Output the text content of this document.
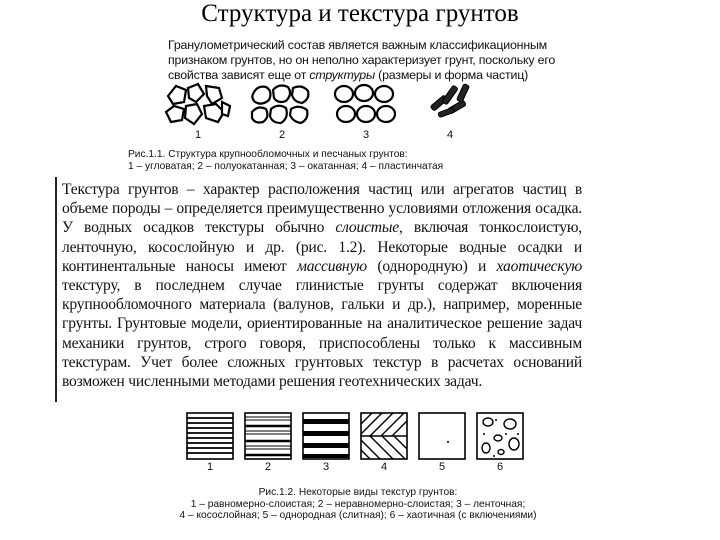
Структура и текстура грунтов

Гранулометрический состав является важным классификационным признаком грунтов, но он неполно характеризует грунт, поскольку его свойства зависят еще от структуры (размеры и форма частиц)

1	2	3	4

Рис.1.1. Структура крупнообломочных и песчаных грунтов:
1 – угловатая; 2 – полуокатанная; 3 – окатанная; 4 – пластинчатая

Текстура грунтов – характер расположения частиц или агрегатов частиц в объеме породы – определяется преимущественно условиями отложения осадка. У водных осадков текстуры обычно слоистые, включая тонкослоистую, ленточную, косослойную и др. (рис. 1.2). Некоторые водные осадки и континентальные наносы имеют массивную (однородную) и хаотическую текстуру, в последнем случае глинистые грунты содержат включения крупнообломочного материала (валунов, гальки и др.), например, моренные грунты. Грунтовые модели, ориентированные на аналитическое решение задач механики грунтов, строго говоря, приспособлены только к массивным текстурам. Учет более сложных грунтовых текстур в расчетах оснований возможен численными методами решения геотехнических задач.

1	2	3	4	5	6

Рис.1.2. Некоторые виды текстур грунтов:
1 – равномерно-слоистая; 2 – неравномерно-слоистая; 3 – ленточная;
4 – косослойная; 5 – однородная (слитная); 6 – хаотичная (с включениями)
